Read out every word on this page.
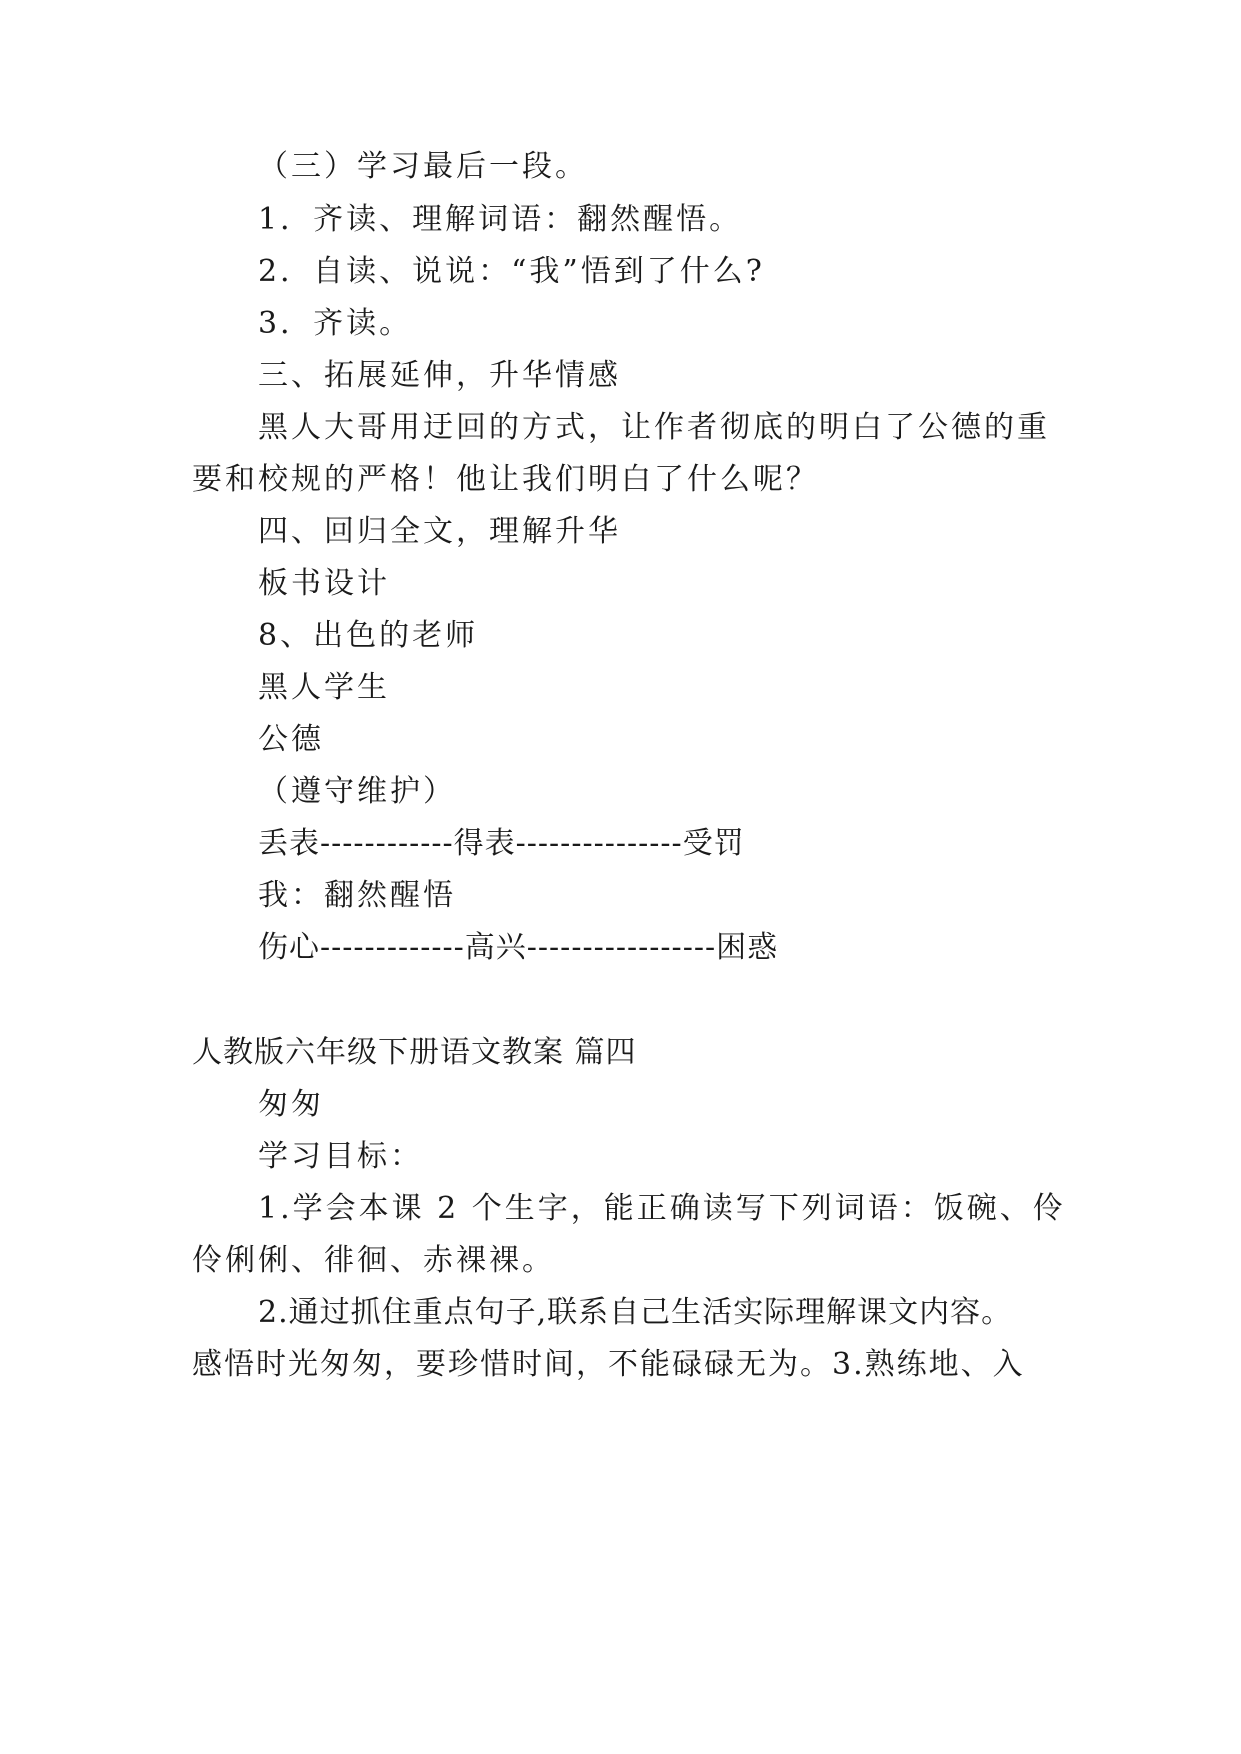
（三）学习最后一段。
1．齐读、理解词语：翻然醒悟。
2．自读、说说：“我”悟到了什么?
3．齐读。
三、拓展延伸，升华情感
黑人大哥用迂回的方式，让作者彻底的明白了公德的重
要和校规的严格！他让我们明白了什么呢？
四、回归全文，理解升华
板书设计
8、出色的老师
黑人学生
公德
（遵守维护）
丢表------------得表---------------受罚
我：翻然醒悟
伤心-------------高兴-----------------困惑
人教版六年级下册语文教案 篇四
匆匆
学习目标：
1.学会本课 2 个生字，能正确读写下列词语：饭碗、伶
伶俐俐、徘徊、赤裸裸。
2.通过抓住重点句子,联系自己生活实际理解课文内容。
感悟时光匆匆，要珍惜时间，不能碌碌无为。3.熟练地、入
